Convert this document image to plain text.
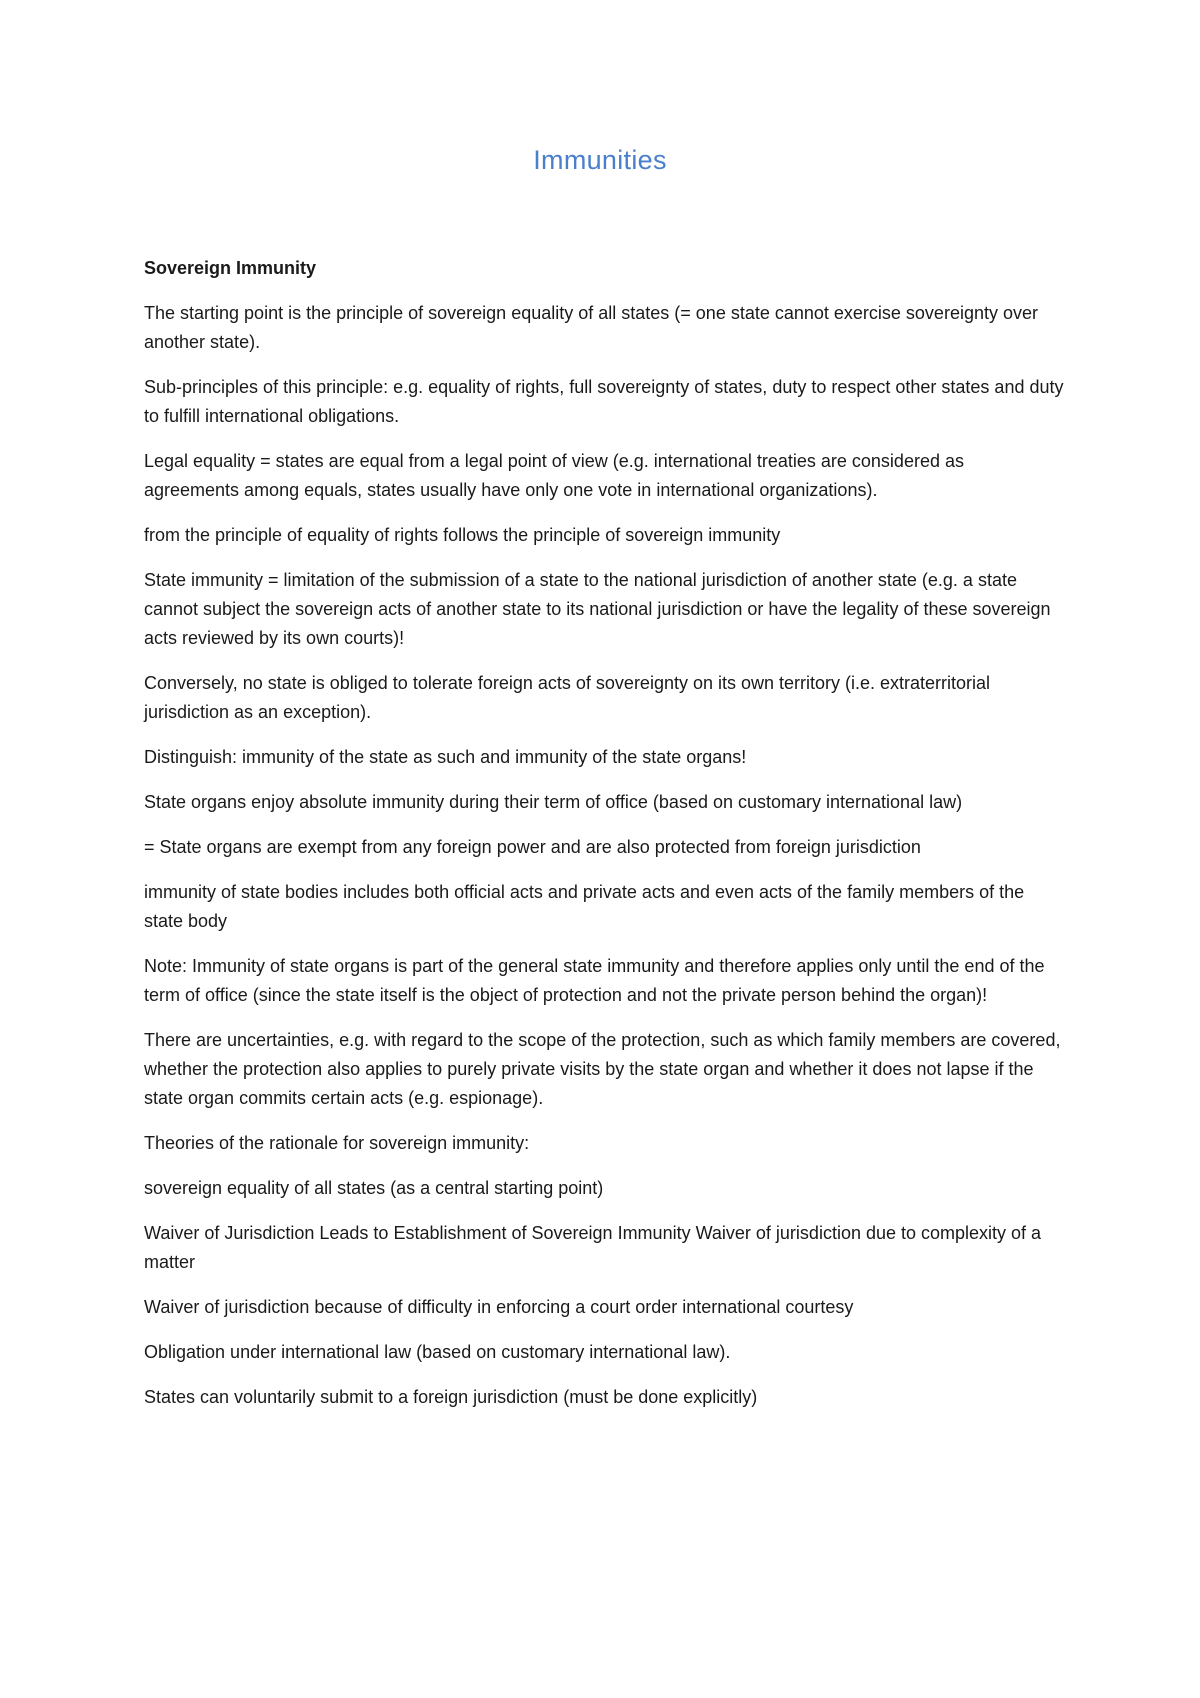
Immunities
Sovereign Immunity

The starting point is the principle of sovereign equality of all states (= one state cannot exercise sovereignty over another state).

Sub-principles of this principle: e.g. equality of rights, full sovereignty of states, duty to respect other states and duty to fulfill international obligations.

Legal equality = states are equal from a legal point of view (e.g. international treaties are considered as agreements among equals, states usually have only one vote in international organizations).

from the principle of equality of rights follows the principle of sovereign immunity

State immunity = limitation of the submission of a state to the national jurisdiction of another state (e.g. a state cannot subject the sovereign acts of another state to its national jurisdiction or have the legality of these sovereign acts reviewed by its own courts)!

Conversely, no state is obliged to tolerate foreign acts of sovereignty on its own territory (i.e. extraterritorial jurisdiction as an exception).

Distinguish: immunity of the state as such and immunity of the state organs!

State organs enjoy absolute immunity during their term of office (based on customary international law)

= State organs are exempt from any foreign power and are also protected from foreign jurisdiction

immunity of state bodies includes both official acts and private acts and even acts of the family members of the state body

Note: Immunity of state organs is part of the general state immunity and therefore applies only until the end of the term of office (since the state itself is the object of protection and not the private person behind the organ)!

There are uncertainties, e.g. with regard to the scope of the protection, such as which family members are covered, whether the protection also applies to purely private visits by the state organ and whether it does not lapse if the state organ commits certain acts (e.g. espionage).

Theories of the rationale for sovereign immunity:

sovereign equality of all states (as a central starting point)

Waiver of Jurisdiction Leads to Establishment of Sovereign Immunity Waiver of jurisdiction due to complexity of a matter

Waiver of jurisdiction because of difficulty in enforcing a court order international courtesy

Obligation under international law (based on customary international law).

States can voluntarily submit to a foreign jurisdiction (must be done explicitly)
